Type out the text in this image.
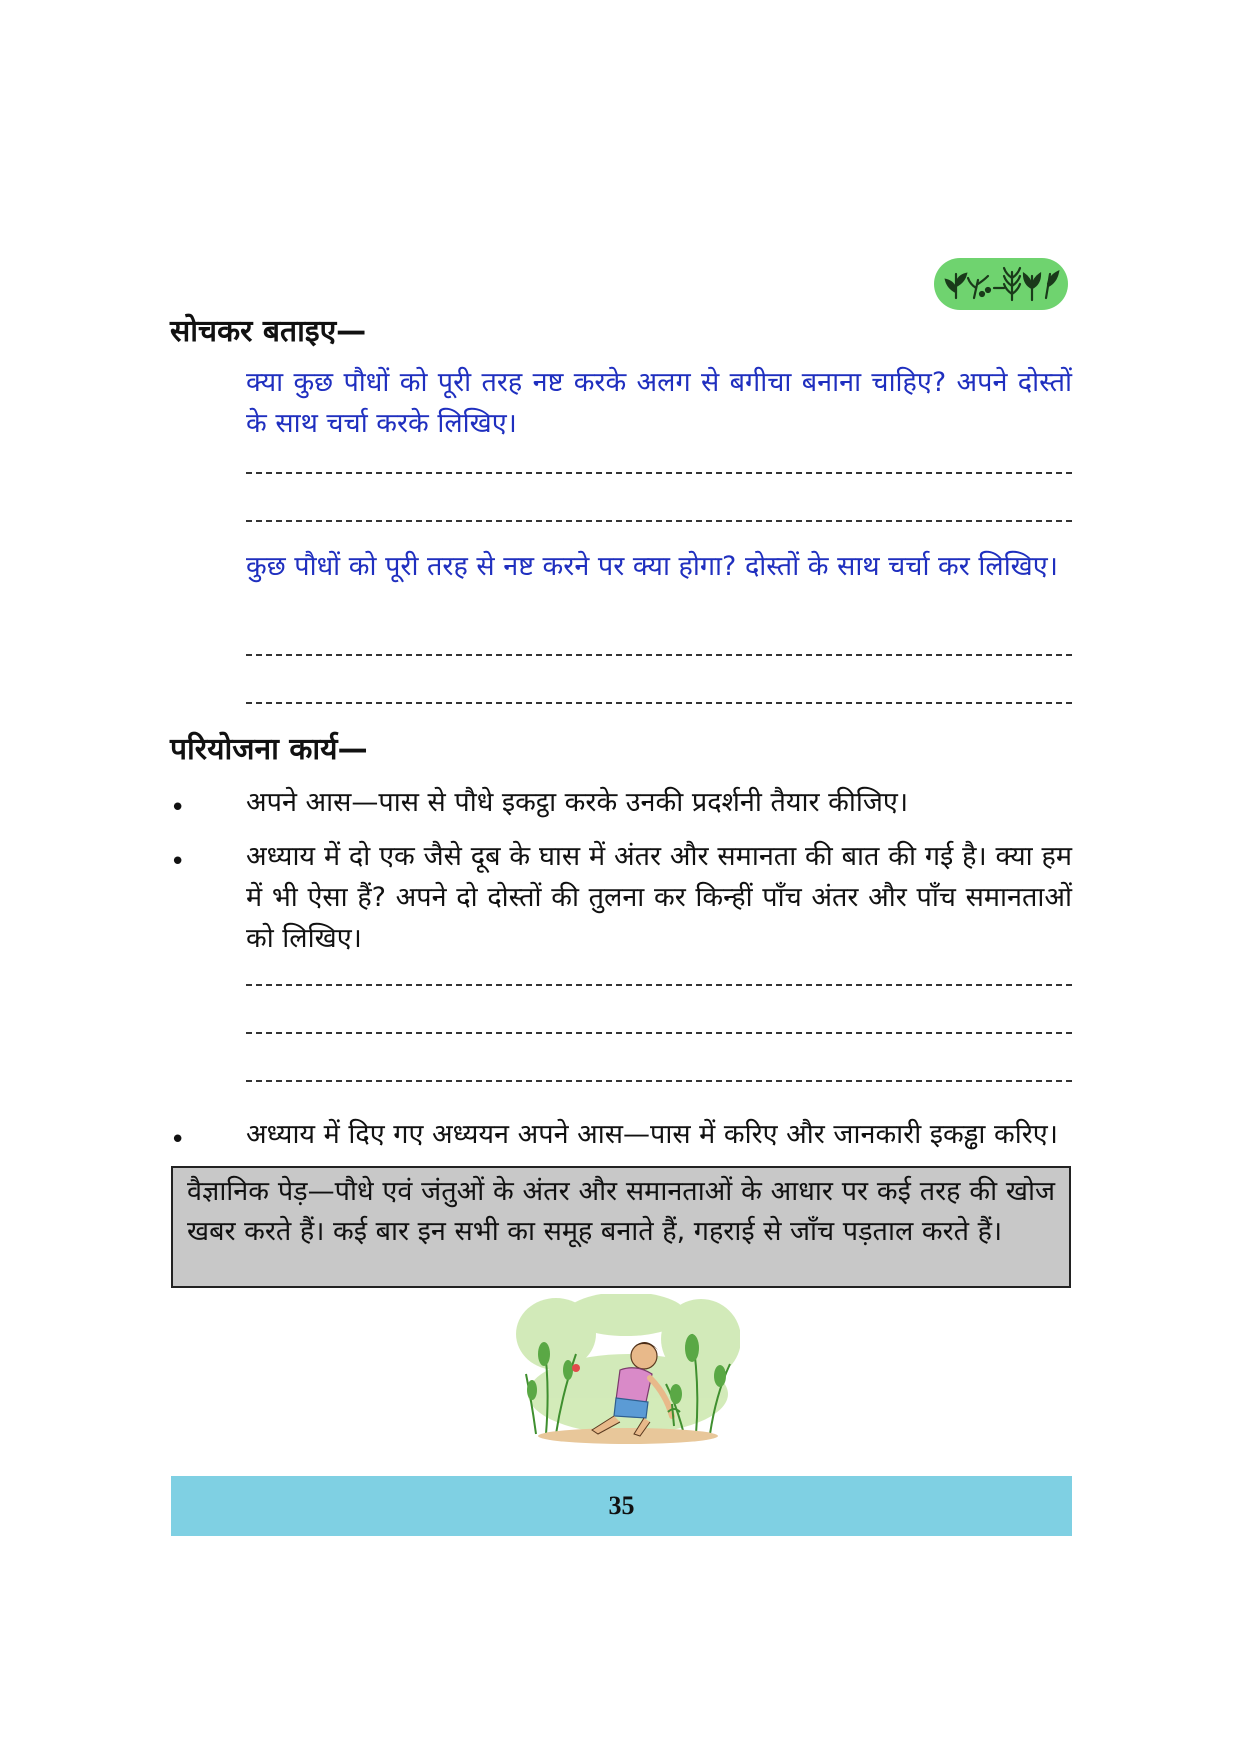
सोचकर बताइए—
क्या कुछ पौधों को पूरी तरह नष्ट करके अलग से बगीचा बनाना चाहिए? अपने दोस्तों के साथ चर्चा करके लिखिए।
कुछ पौधों को पूरी तरह से नष्ट करने पर क्या होगा? दोस्तों के साथ चर्चा कर लिखिए।
परियोजना कार्य—
• अपने आस—पास से पौधे इकट्ठा करके उनकी प्रदर्शनी तैयार कीजिए।
• अध्याय में दो एक जैसे दूब के घास में अंतर और समानता की बात की गई है। क्या हम में भी ऐसा हैं? अपने दो दोस्तों की तुलना कर किन्हीं पाँच अंतर और पाँच समानताओं को लिखिए।
• अध्याय में दिए गए अध्ययन अपने आस—पास में करिए और जानकारी इकड्ढा करिए।
वैज्ञानिक पेड़—पौधे एवं जंतुओं के अंतर और समानताओं के आधार पर कई तरह की खोज खबर करते हैं। कई बार इन सभी का समूह बनाते हैं, गहराई से जाँच पड़ताल करते हैं।
35
